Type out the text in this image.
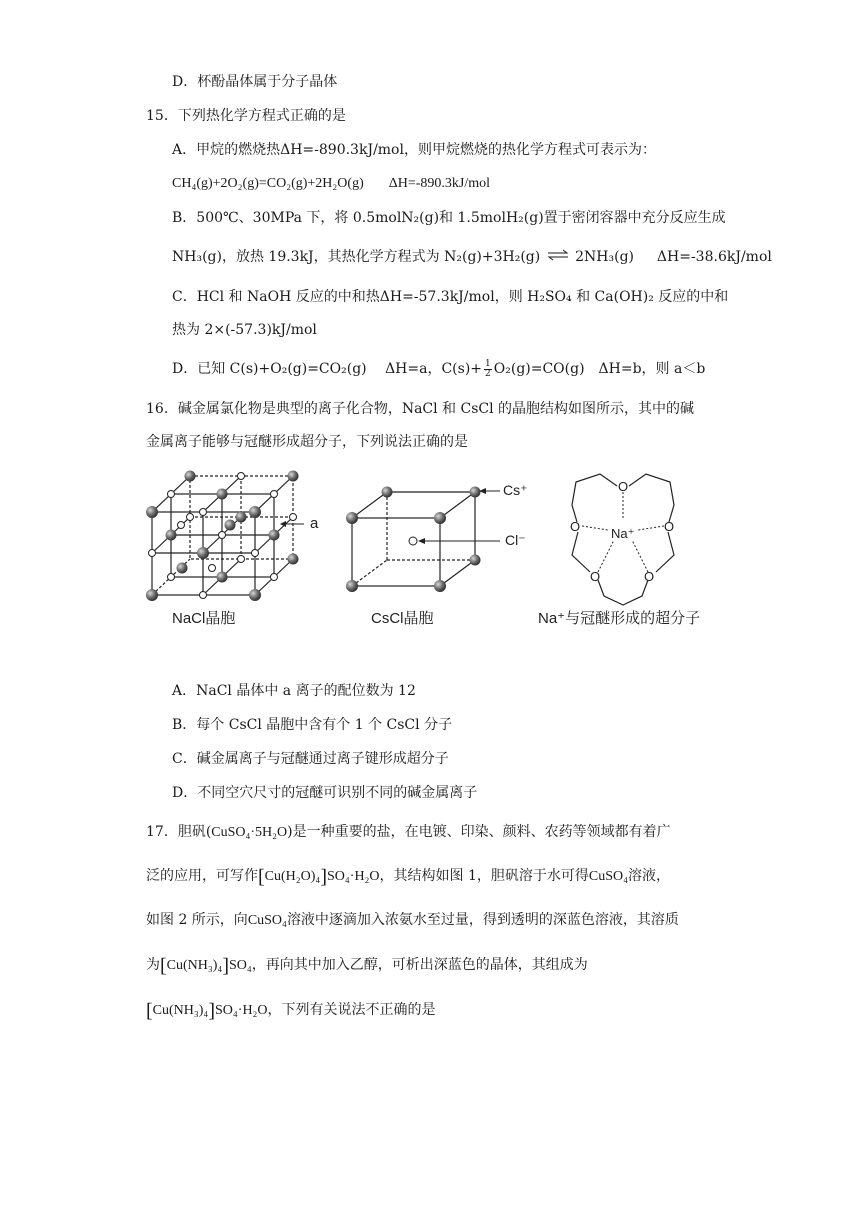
D．杯酚晶体属于分子晶体
15．下列热化学方程式正确的是
A．甲烷的燃烧热ΔH=-890.3kJ/mol，则甲烷燃烧的热化学方程式可表示为：
CH₄(g)+2O₂(g)=CO₂(g)+2H₂O(g) ΔH=-890.3kJ/mol
B．500℃、30MPa 下，将 0.5molN₂(g)和 1.5molH₂(g)置于密闭容器中充分反应生成
NH₃(g)，放热 19.3kJ，其热化学方程式为 N₂(g)+3H₂(g) ⇌ 2NH₃(g) ΔH=-38.6kJ/mol
C．HCl 和 NaOH 反应的中和热ΔH=-57.3kJ/mol，则 H₂SO₄ 和 Ca(OH)₂ 反应的中和
热为 2×(-57.3)kJ/mol
D．已知 C(s)+O₂(g)=CO₂(g)　 ΔH=a，$C(s)+ \frac{1}{2} O_2(g)=CO(g)$　ΔH=b，则 a＜b
16．碱金属氯化物是典型的离子化合物，NaCl 和 CsCl 的晶胞结构如图所示，其中的碱
金属离子能够与冠醚形成超分子，下列说法正确的是
a
NaCl晶胞
Cs⁺
Cl⁻
CsCl晶胞
O
O	O
O	O
Na⁺
Na⁺与冠醚形成的超分子
A．NaCl 晶体中 a 离子的配位数为 12
B．每个 CsCl 晶胞中含有个 1 个 CsCl 分子
C．碱金属离子与冠醚通过离子键形成超分子
D．不同空穴尺寸的冠醚可识别不同的碱金属离子
17．胆矾(CuSO₄·5H₂O)是一种重要的盐，在电镀、印染、颜料、农药等领域都有着广
泛的应用，可写作[Cu(H₂O)₄]SO₄·H₂O，其结构如图 1，胆矾溶于水可得CuSO₄溶液，
如图 2 所示，向CuSO₄溶液中逐滴加入浓氨水至过量，得到透明的深蓝色溶液，其溶质
为[Cu(NH₃)₄]SO₄，再向其中加入乙醇，可析出深蓝色的晶体，其组成为
[Cu(NH₃)₄]SO₄·H₂O，下列有关说法不正确的是
